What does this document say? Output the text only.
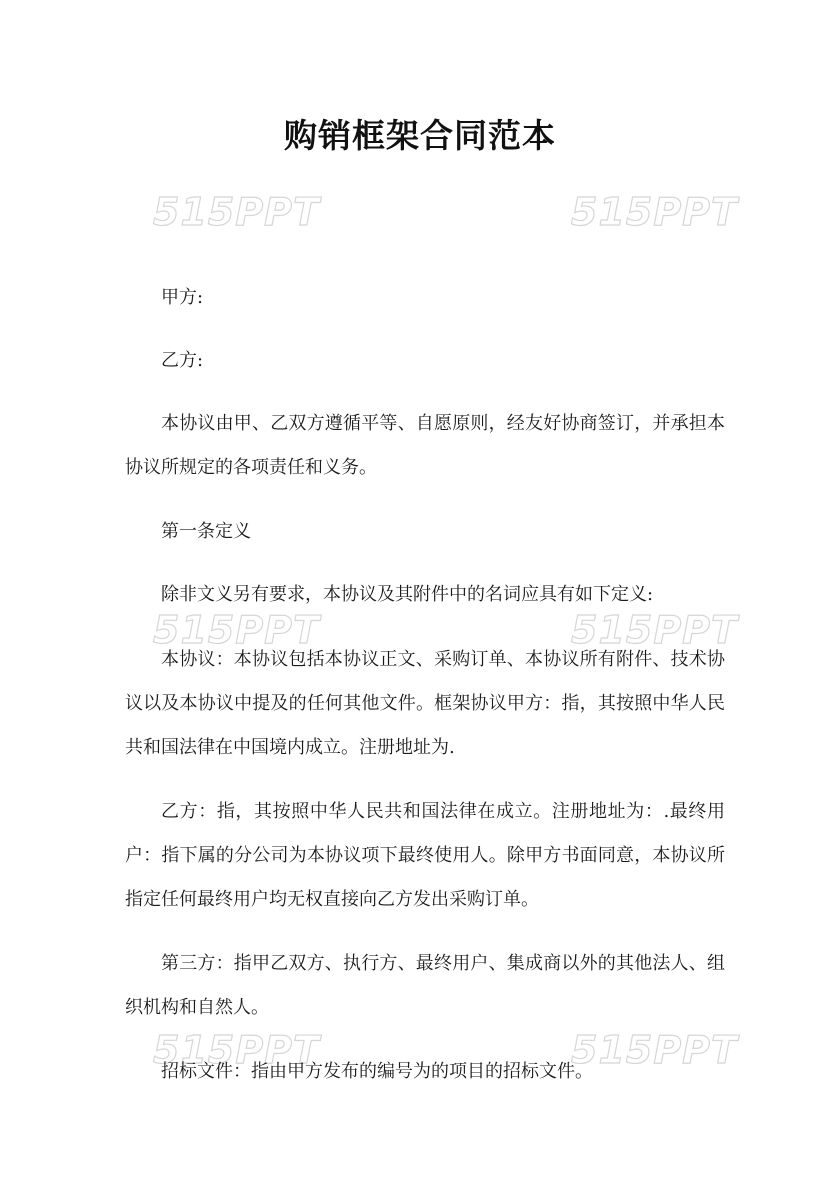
515PPT	515PPT
515PPT	515PPT
515PPT	515PPT
购销框架合同范本

甲方:

乙方:

本协议由甲、乙双方遵循平等、自愿原则，经友好协商签订，并承担本协议所规定的各项责任和义务。

第一条定义

除非文义另有要求，本协议及其附件中的名词应具有如下定义:

本协议：本协议包括本协议正文、采购订单、本协议所有附件、技术协议以及本协议中提及的任何其他文件。框架协议甲方：指，其按照中华人民共和国法律在中国境内成立。注册地址为.

乙方：指，其按照中华人民共和国法律在成立。注册地址为：.最终用户：指下属的分公司为本协议项下最终使用人。除甲方书面同意，本协议所指定任何最终用户均无权直接向乙方发出采购订单。

第三方：指甲乙双方、执行方、最终用户、集成商以外的其他法人、组织机构和自然人。

招标文件：指由甲方发布的编号为的项目的招标文件。
